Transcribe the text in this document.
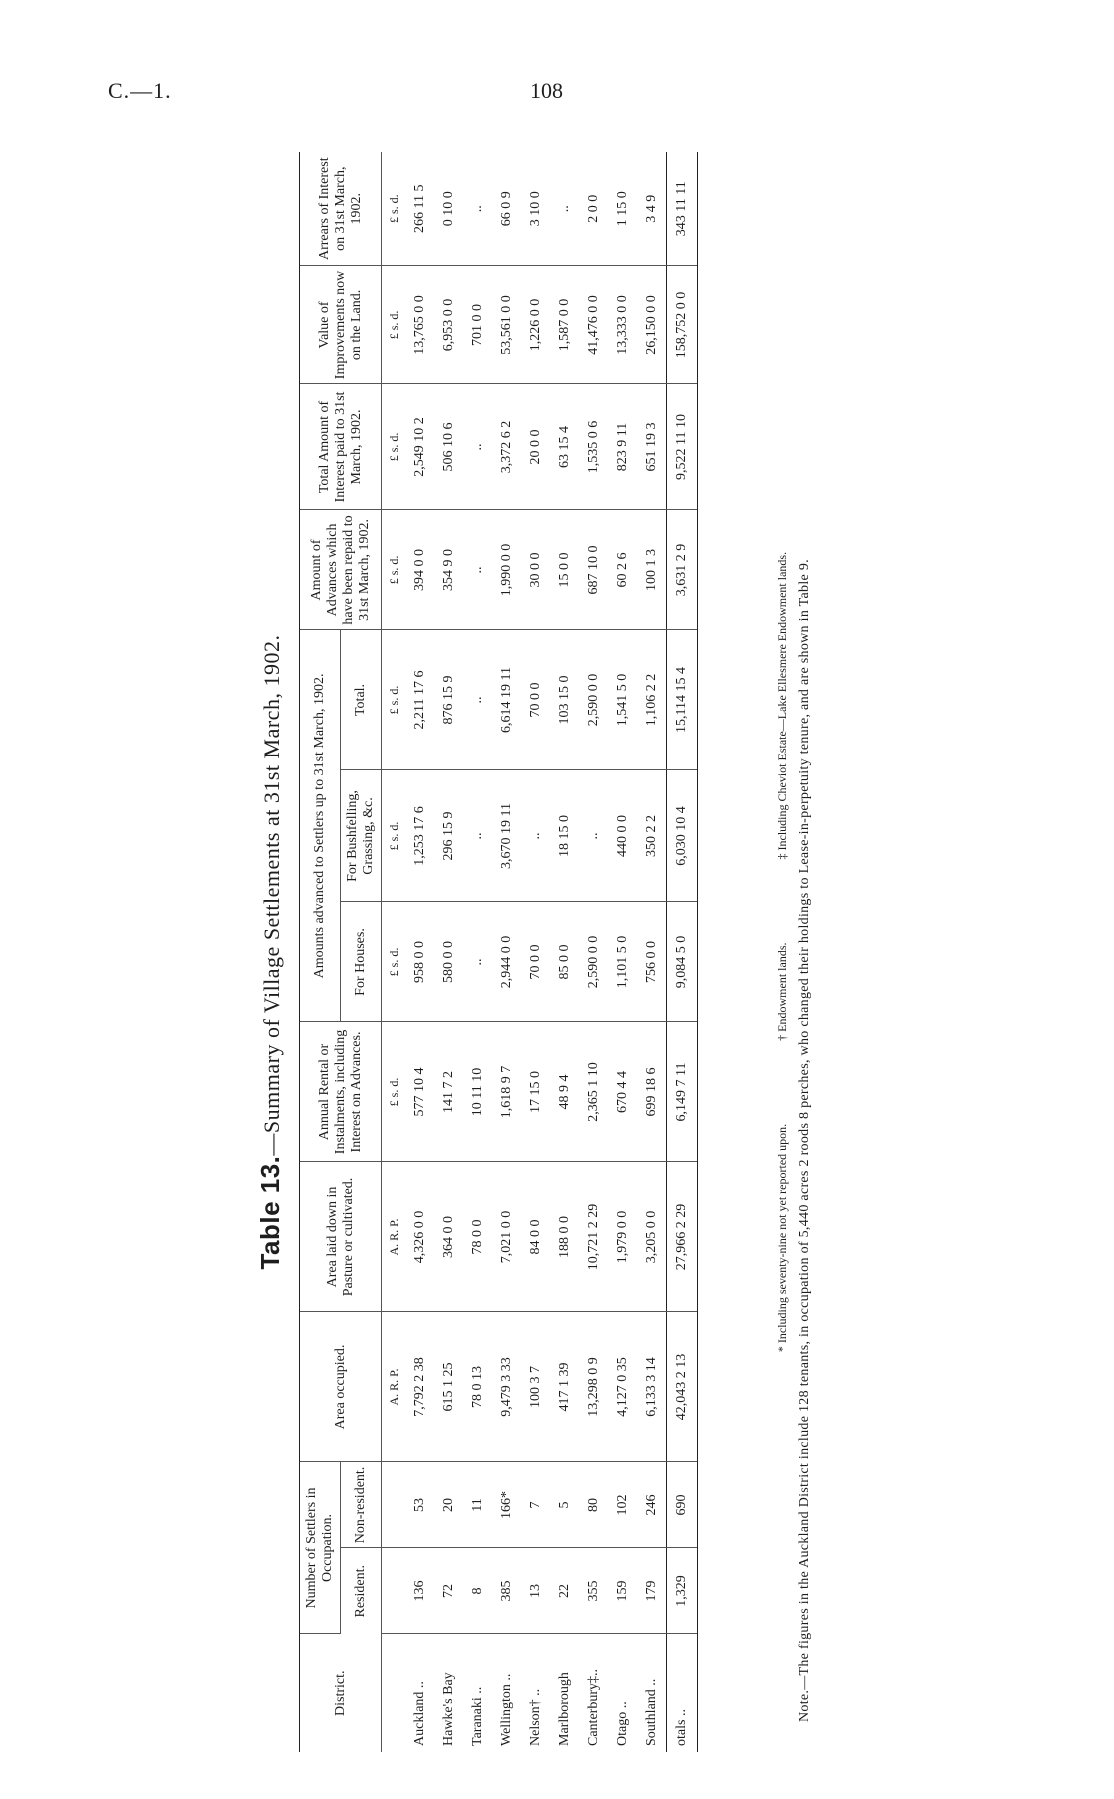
C.—1.	108
Table 13.—Summary of Village Settlements at 31st March, 1902.
District.	Number of Settlers in Occupation.		Area occupied.	Area laid down in Pasture or cultivated.	Annual Rental or Instalments, including Interest on Advances.	Amounts advanced to Settlers up to 31st March, 1902.			Amount of Advances which have been repaid to 31st March, 1902.	Total Amount of Interest paid to 31st March, 1902.	Value of Improvements now on the Land.	Arrears of Interest on 31st March, 1902.
	Resident.	Non-resident.				For Houses.	For Bushfelling, Grassing, &c.	Total.				
			A. R. P.	A. R. P.	£ s. d.	£ s. d.	£ s. d.	£ s. d.	£ s. d.	£ s. d.	£ s. d.	£ s. d.
Auckland ..	136	53	7,792 2 38	4,326 0 0	577 10 4	958 0 0	1,253 17 6	2,211 17 6	394 0 0	2,549 10 2	13,765 0 0	266 11 5
Hawke's Bay	72	20	615 1 25	364 0 0	141 7 2	580 0 0	296 15 9	876 15 9	354 9 0	506 10 6	6,953 0 0	0 10 0
Taranaki ..	8	11	78 0 13	78 0 0	10 11 10	..	..	..	..	..	701 0 0	..
Wellington ..	385	166*	9,479 3 33	7,021 0 0	1,618 9 7	2,944 0 0	3,670 19 11	6,614 19 11	1,990 0 0	3,372 6 2	53,561 0 0	66 0 9
Nelson† ..	13	7	100 3 7	84 0 0	17 15 0	70 0 0	..	70 0 0	30 0 0	20 0 0	1,226 0 0	3 10 0
Marlborough	22	5	417 1 39	188 0 0	48 9 4	85 0 0	18 15 0	103 15 0	15 0 0	63 15 4	1,587 0 0	..
Canterbury‡..	355	80	13,298 0 9	10,721 2 29	2,365 1 10	2,590 0 0	..	2,590 0 0	687 10 0	1,535 0 6	41,476 0 0	2 0 0
Otago ..	159	102	4,127 0 35	1,979 0 0	670 4 4	1,101 5 0	440 0 0	1,541 5 0	60 2 6	823 9 11	13,333 0 0	1 15 0
Southland ..	179	246	6,133 3 14	3,205 0 0	699 18 6	756 0 0	350 2 2	1,106 2 2	100 1 3	651 19 3	26,150 0 0	3 4 9
otals ..	1,329	690	42,043 2 13	27,966 2 29	6,149 7 11	9,084 5 0	6,030 10 4	15,114 15 4	3,631 2 9	9,522 11 10	158,752 0 0	343 11 11
* Including seventy-nine not yet reported upon. † Endowment lands. ‡ Including Cheviot Estate—Lake Ellesmere Endowment lands. Note.—The figures in the Auckland District include 128 tenants, in occupation of 5,440 acres 2 roods 8 perches, who changed their holdings to Lease-in-perpetuity tenure, and are shown in Table 9.
